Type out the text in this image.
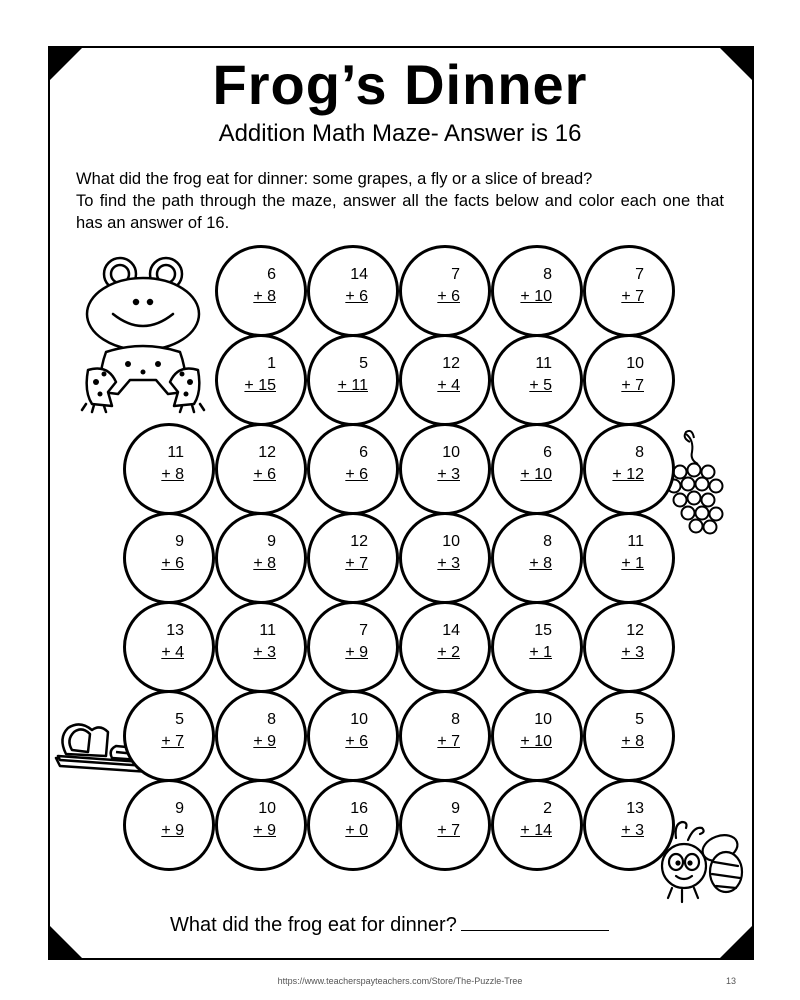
Frog’s Dinner
Addition Math Maze- Answer is 16

What did the frog eat for dinner: some grapes, a fly or a slice of bread?

To find the path through the maze, answer all the facts below and color each one that has an answer of 16.

6
+ 8
14
+ 6
7
+ 6
8
+ 10
7
+ 7
1
+ 15
5
+ 11
12
+ 4
11
+ 5
10
+ 7
11
+ 8
12
+ 6
6
+ 6
10
+ 3
6
+ 10
8
+ 12
9
+ 6
9
+ 8
12
+ 7
10
+ 3
8
+ 8
11
+ 1
13
+ 4
11
+ 3
7
+ 9
14
+ 2
15
+ 1
12
+ 3
5
+ 7
8
+ 9
10
+ 6
8
+ 7
10
+ 10
5
+ 8
9
+ 9
10
+ 9
16
+ 0
9
+ 7
2
+ 14
13
+ 3
What did the frog eat for dinner?
https://www.teacherspayteachers.com/Store/The-Puzzle-Tree	13
